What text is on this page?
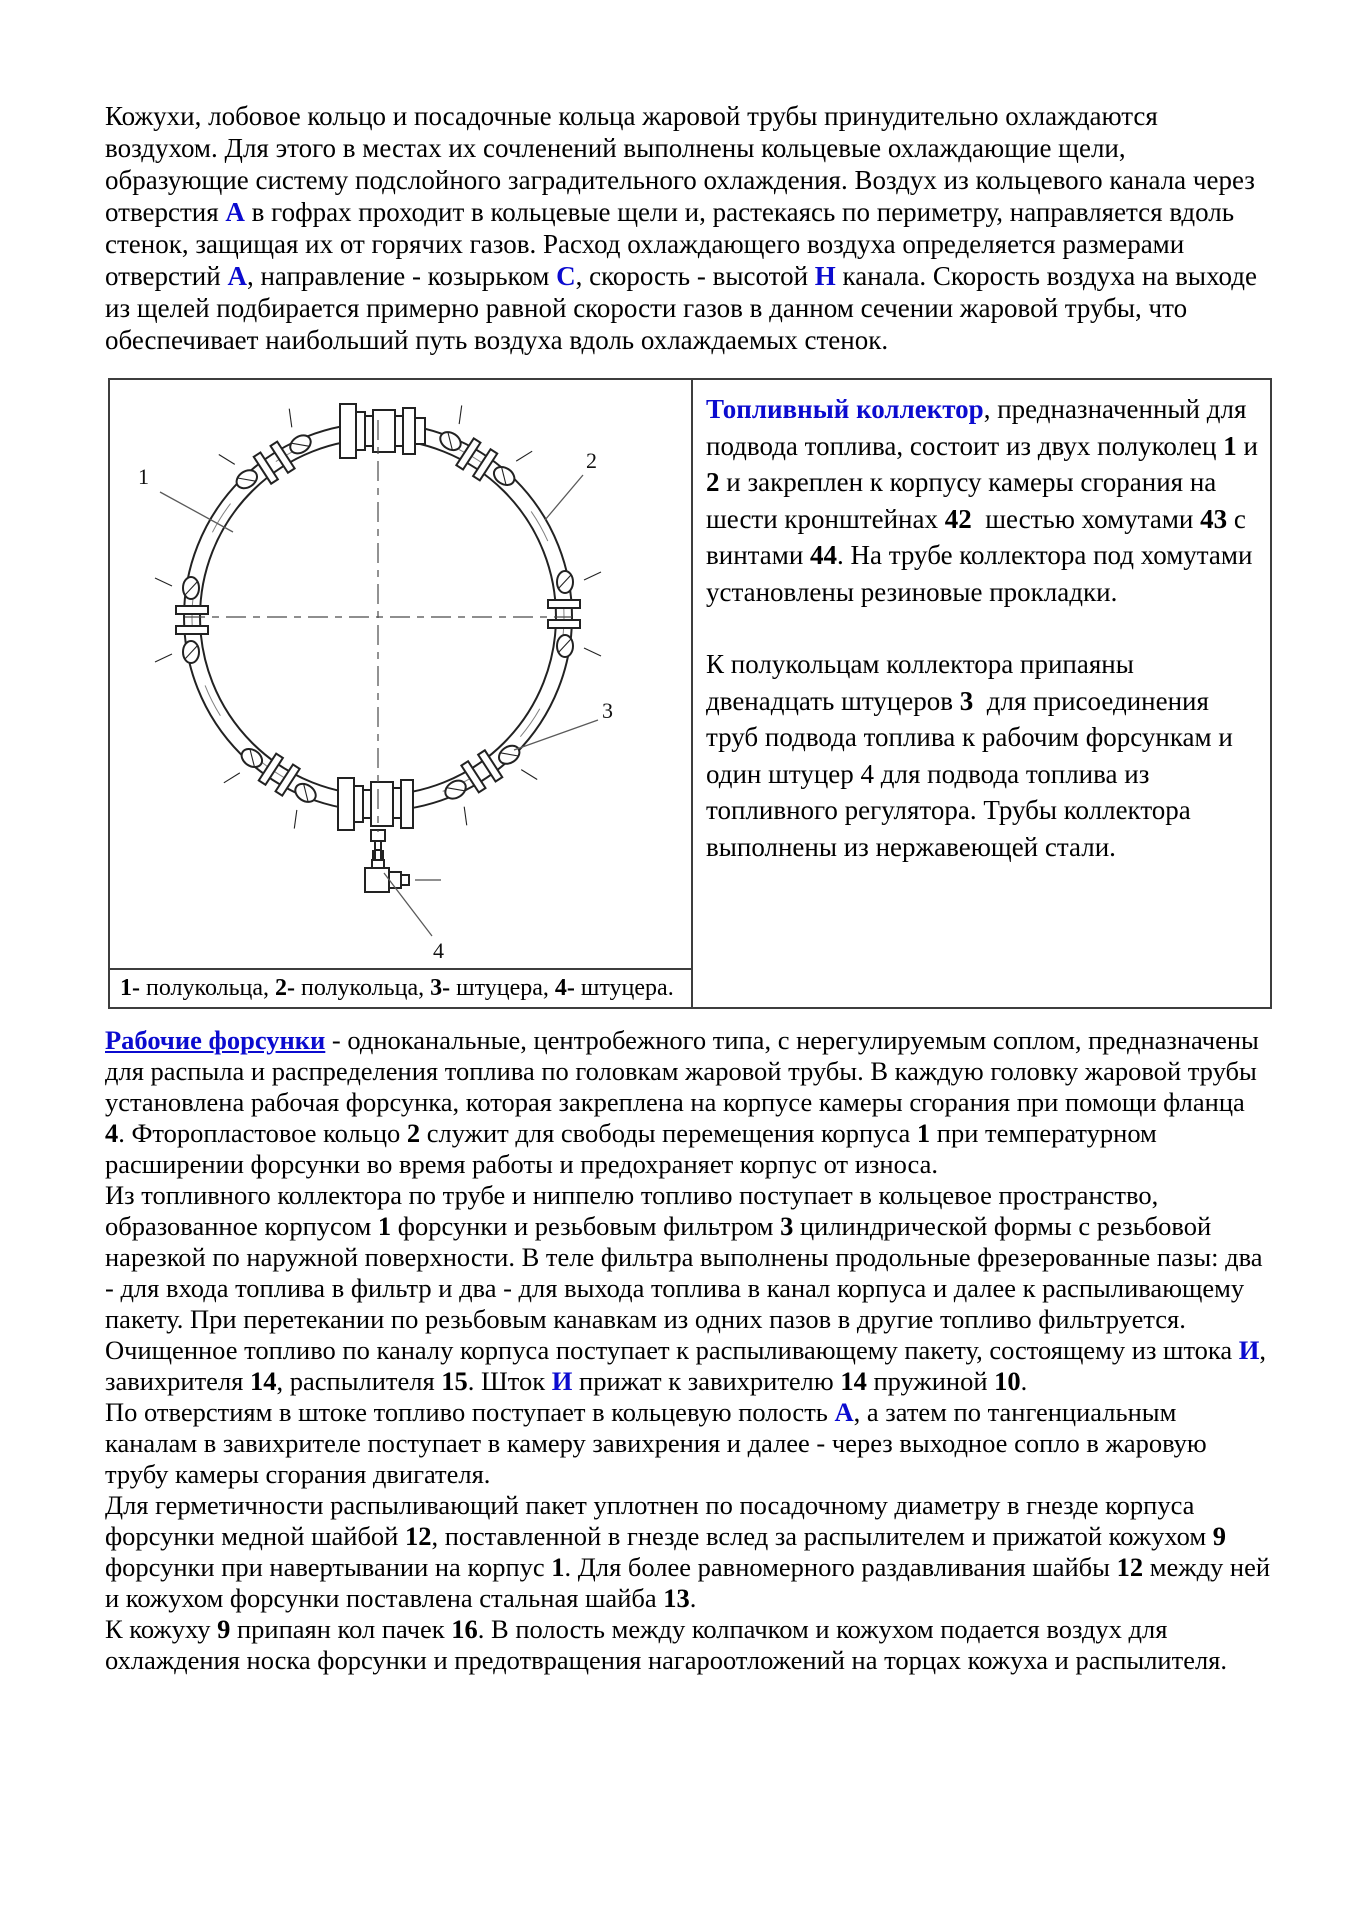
Кожухи, лобовое кольцо и посадочные кольца жаровой трубы принудительно охлаждаются воздухом. Для этого в местах их сочленений выполнены кольцевые охлаждающие щели, образующие систему подслойного заградительного охлаждения. Воздух из кольцевого канала через отверстия А в гофрах проходит в кольцевые щели и, растекаясь по периметру, направляется вдоль стенок, защищая их от горячих газов. Расход охлаждающего воздуха определяется размерами отверстий А, направление - козырьком С, скорость - высотой Н канала. Скорость воздуха на выходе из щелей подбирается примерно равной скорости газов в данном сечении жаровой трубы, что обеспечивает наибольший путь воздуха вдоль охлаждаемых стенок.

1
2
3
4
1- полукольца, 2- полукольца, 3- штуцера, 4- штуцера.

Топливный коллектор, предназначенный для подвода топлива, состоит из двух полуколец 1 и 2 и закреплен к корпусу камеры сгорания на шести кронштейнах 42  шестью хомутами 43 с винтами 44. На трубе коллектора под хомутами установлены резиновые прокладки.

К полукольцам коллектора припаяны двенадцать штуцеров 3  для присоединения труб подвода топлива к рабочим форсункам и один штуцер 4 для подвода топлива из топливного регулятора. Трубы коллектора выполнены из нержавеющей стали.

Рабочие форсунки - одноканальные, центробежного типа, с нерегулируемым соплом, предназначены для распыла и распределения топлива по головкам жаровой трубы. В каждую головку жаровой трубы установлена рабочая форсунка, которая закреплена на корпусе камеры сгорания при помощи фланца 4. Фторопластовое кольцо 2 служит для свободы перемещения корпуса 1 при температурном расширении форсунки во время работы и предохраняет корпус от износа.

Из топливного коллектора по трубе и ниппелю топливо поступает в кольцевое пространство, образованное корпусом 1 форсунки и резьбовым фильтром 3 цилиндрической формы с резьбовой нарезкой по наружной поверхности. В теле фильтра выполнены продольные фрезерованные пазы: два - для входа топлива в фильтр и два - для выхода топлива в канал корпуса и далее к распыливающему пакету. При перетекании по резьбовым канавкам из одних пазов в другие топливо фильтруется.

Очищенное топливо по каналу корпуса поступает к распыливающему пакету, состоящему из штока И, завихрителя 14, распылителя 15. Шток И прижат к завихрителю 14 пружиной 10.

По отверстиям в штоке топливо поступает в кольцевую полость А, а затем по тангенциальным каналам в завихрителе поступает в камеру завихрения и далее - через выходное сопло в жаровую трубу камеры сгорания двигателя.

Для герметичности распыливающий пакет уплотнен по посадочному диаметру в гнезде корпуса форсунки медной шайбой 12, поставленной в гнезде вслед за распылителем и прижатой кожухом 9 форсунки при навертывании на корпус 1. Для более равномерного раздавливания шайбы 12 между ней и кожухом форсунки поставлена стальная шайба 13.

К кожуху 9 припаян кол пачек 16. В полость между колпачком и кожухом подается воздух для охлаждения носка форсунки и предотвращения нагароотложений на торцах кожуха и распылителя.
